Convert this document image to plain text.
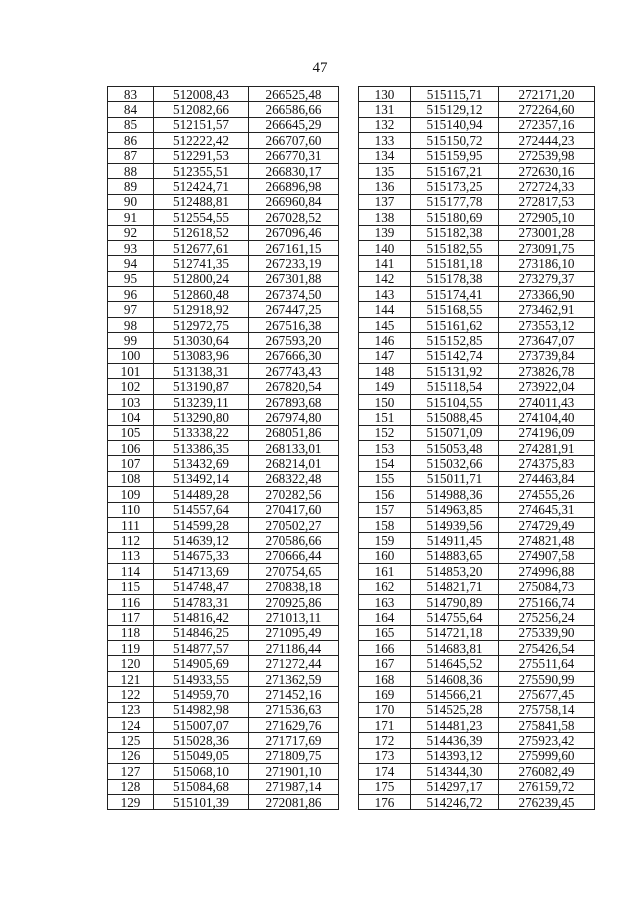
47
83	512008,43	266525,48
84	512082,66	266586,66
85	512151,57	266645,29
86	512222,42	266707,60
87	512291,53	266770,31
88	512355,51	266830,17
89	512424,71	266896,98
90	512488,81	266960,84
91	512554,55	267028,52
92	512618,52	267096,46
93	512677,61	267161,15
94	512741,35	267233,19
95	512800,24	267301,88
96	512860,48	267374,50
97	512918,92	267447,25
98	512972,75	267516,38
99	513030,64	267593,20
100	513083,96	267666,30
101	513138,31	267743,43
102	513190,87	267820,54
103	513239,11	267893,68
104	513290,80	267974,80
105	513338,22	268051,86
106	513386,35	268133,01
107	513432,69	268214,01
108	513492,14	268322,48
109	514489,28	270282,56
110	514557,64	270417,60
111	514599,28	270502,27
112	514639,12	270586,66
113	514675,33	270666,44
114	514713,69	270754,65
115	514748,47	270838,18
116	514783,31	270925,86
117	514816,42	271013,11
118	514846,25	271095,49
119	514877,57	271186,44
120	514905,69	271272,44
121	514933,55	271362,59
122	514959,70	271452,16
123	514982,98	271536,63
124	515007,07	271629,76
125	515028,36	271717,69
126	515049,05	271809,75
127	515068,10	271901,10
128	515084,68	271987,14
129	515101,39	272081,86
130	515115,71	272171,20
131	515129,12	272264,60
132	515140,94	272357,16
133	515150,72	272444,23
134	515159,95	272539,98
135	515167,21	272630,16
136	515173,25	272724,33
137	515177,78	272817,53
138	515180,69	272905,10
139	515182,38	273001,28
140	515182,55	273091,75
141	515181,18	273186,10
142	515178,38	273279,37
143	515174,41	273366,90
144	515168,55	273462,91
145	515161,62	273553,12
146	515152,85	273647,07
147	515142,74	273739,84
148	515131,92	273826,78
149	515118,54	273922,04
150	515104,55	274011,43
151	515088,45	274104,40
152	515071,09	274196,09
153	515053,48	274281,91
154	515032,66	274375,83
155	515011,71	274463,84
156	514988,36	274555,26
157	514963,85	274645,31
158	514939,56	274729,49
159	514911,45	274821,48
160	514883,65	274907,58
161	514853,20	274996,88
162	514821,71	275084,73
163	514790,89	275166,74
164	514755,64	275256,24
165	514721,18	275339,90
166	514683,81	275426,54
167	514645,52	275511,64
168	514608,36	275590,99
169	514566,21	275677,45
170	514525,28	275758,14
171	514481,23	275841,58
172	514436,39	275923,42
173	514393,12	275999,60
174	514344,30	276082,49
175	514297,17	276159,72
176	514246,72	276239,45
